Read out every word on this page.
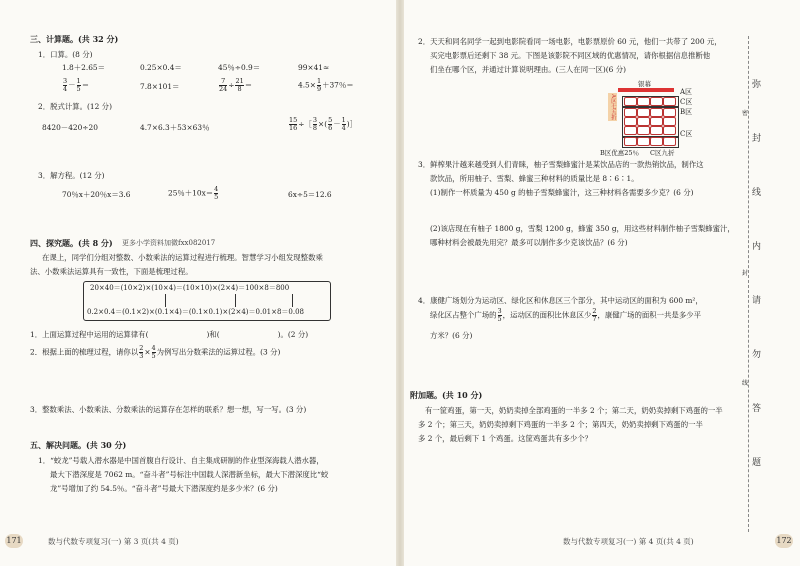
三、计算题。(共 32 分)
1．口算。(8 分)
1.8＋2.65＝	0.25×0.4＝	45％÷0.9＝	99×41≈
$\frac{3}{4} - \frac{1}{5}$ ＝	7.8×101＝	$\frac{7}{24} \div \frac{21}{8}$ ＝	$4.5\times \frac{1}{9} +37$％＝
2．脱式计算。(12 分)
8420－420÷20	4.7×6.3＋53×63％	$\frac{15}{16}$ ÷［ $\frac{3}{8}$ ×( $\frac{5}{6} - \frac{1}{4}$ )］
3．解方程。(12 分)
70％x＋20％x＝3.6	25％$+10x= \frac{4}{5}$	6x÷5＝12.6
四、探究题。(共 8 分) 更多小学资料加微fxx082017
在课上，同学们分组对整数、小数乘法的运算过程进行梳理。智慧学习小组发现整数乘
法、小数乘法运算具有一致性，下面是梳理过程。
20×40＝(10×2)×(10×4)＝(10×10)×(2×4)＝100×8＝800
0.2×0.4＝(0.1×2)×(0.1×4)＝(0.1×0.1)×(2×4)＝0.01×8＝0.08
1．上面运算过程中运用的运算律有(	)和(	)。(2 分)
2．根据上面的梳理过程，请你以 $\frac{2}{3} \times \frac{4}{5}$ 为例写出分数乘法的运算过程。(3 分)
3．整数乘法、小数乘法、分数乘法的运算存在怎样的联系？想一想，写一写。(3 分)
五、解决问题。(共 30 分)
1．“蛟龙”号载人潜水器是中国首腹自行设计、自主集成研制的作业型深海载人潜水器，
最大下潜深度是 7062 m。“奋斗者”号标注中国载人深潜新坐标，最大下潜深度比“蛟
龙”号增加了约 54.5％。“奋斗者”号最大下潜深度约是多少米？(6 分)
171	数与代数专项复习(一) 第 3 页(共 4 页)
2．天天和同名同学一起到电影院看同一场电影，电影票原价 60 元，他们一共带了 200 元，
买完电影票后还剩下 38 元。下图是该影院不同区域的优惠情况，请你根据信息推断他
们坐在哪个区，并通过计算说明理由。(三人在同一区)(6 分)
银幕
A区七五折
A区
C区
B区
C区
B区优惠25％ C区九折
3．鲜榨果汁越来越受到人们青睐，柚子雪梨蜂蜜汁是某饮品店的一款热销饮品，制作这
款饮品，所用柚子、雪梨、蜂蜜三种材料的质量比是 8∶6∶1。
(1)制作一杯质量为 450 g 的柚子雪梨蜂蜜汁，这三种材料各需要多少克？(6 分)
(2)该店现在有柚子 1800 g，雪梨 1200 g，蜂蜜 350 g，用这些材料制作柚子雪梨蜂蜜汁，
哪种材料会被最先用完？最多可以制作多少克该饮品？(6 分)
4．康健广场划分为运动区、绿化区和休息区三个部分，其中运动区的面积为 600 m²，
绿化区占整个广场的 $\frac{3}{5}$ ，运动区的面积比休息区少 $\frac{2}{7}$ ，康健广场的面积一共是多少平
方米？(6 分)
附加题。(共 10 分)
有一筐鸡蛋，第一天，奶奶卖掉全部鸡蛋的一半多 2 个；第二天，奶奶卖掉剩下鸡蛋的一半
多 2 个；第三天，奶奶卖掉剩下鸡蛋的一半多 2 个；第四天，奶奶卖掉剩下鸡蛋的一半
多 2 个，最后剩下 1 个鸡蛋。这筐鸡蛋共有多少个？
弥
封
线
内
请
勿
答
题
密
封
线
数与代数专项复习(一) 第 4 页(共 4 页)	172
